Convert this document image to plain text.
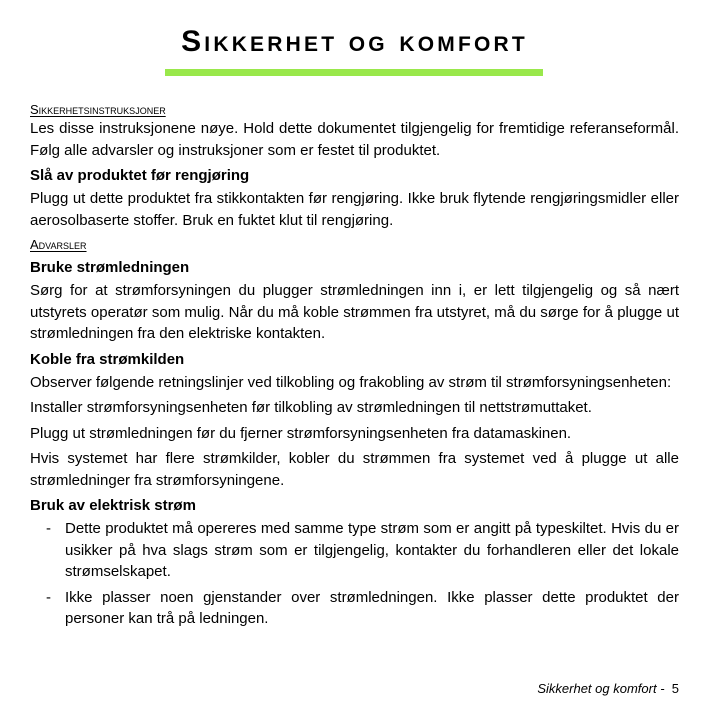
Sikkerhet og komfort
Sikkerhetsinstruksjoner

Les disse instruksjonene nøye. Hold dette dokumentet tilgjengelig for fremtidige referanseformål. Følg alle advarsler og instruksjoner som er festet til produktet.

Slå av produktet før rengjøring

Plugg ut dette produktet fra stikkontakten før rengjøring. Ikke bruk flytende rengjøringsmidler eller aerosolbaserte stoffer. Bruk en fuktet klut til rengjøring.

Advarsler
Bruke strømledningen

Sørg for at strømforsyningen du plugger strømledningen inn i, er lett tilgjengelig og så nært utstyrets operatør som mulig. Når du må koble strømmen fra utstyret, må du sørge for å plugge ut strømledningen fra den elektriske kontakten.

Koble fra strømkilden

Observer følgende retningslinjer ved tilkobling og frakobling av strøm til strømforsyningsenheten:

Installer strømforsyningsenheten før tilkobling av strømledningen til nettstrømuttaket.

Plugg ut strømledningen før du fjerner strømforsyningsenheten fra datamaskinen.

Hvis systemet har flere strømkilder, kobler du strømmen fra systemet ved å plugge ut alle strømledninger fra strømforsyningene.

Bruk av elektrisk strøm
- Dette produktet må opereres med samme type strøm som er angitt på typeskiltet. Hvis du er usikker på hva slags strøm som er tilgjengelig, kontakter du forhandleren eller det lokale strømselskapet.
- Ikke plasser noen gjenstander over strømledningen. Ikke plasser dette produktet der personer kan trå på ledningen.
Sikkerhet og komfort - 5
